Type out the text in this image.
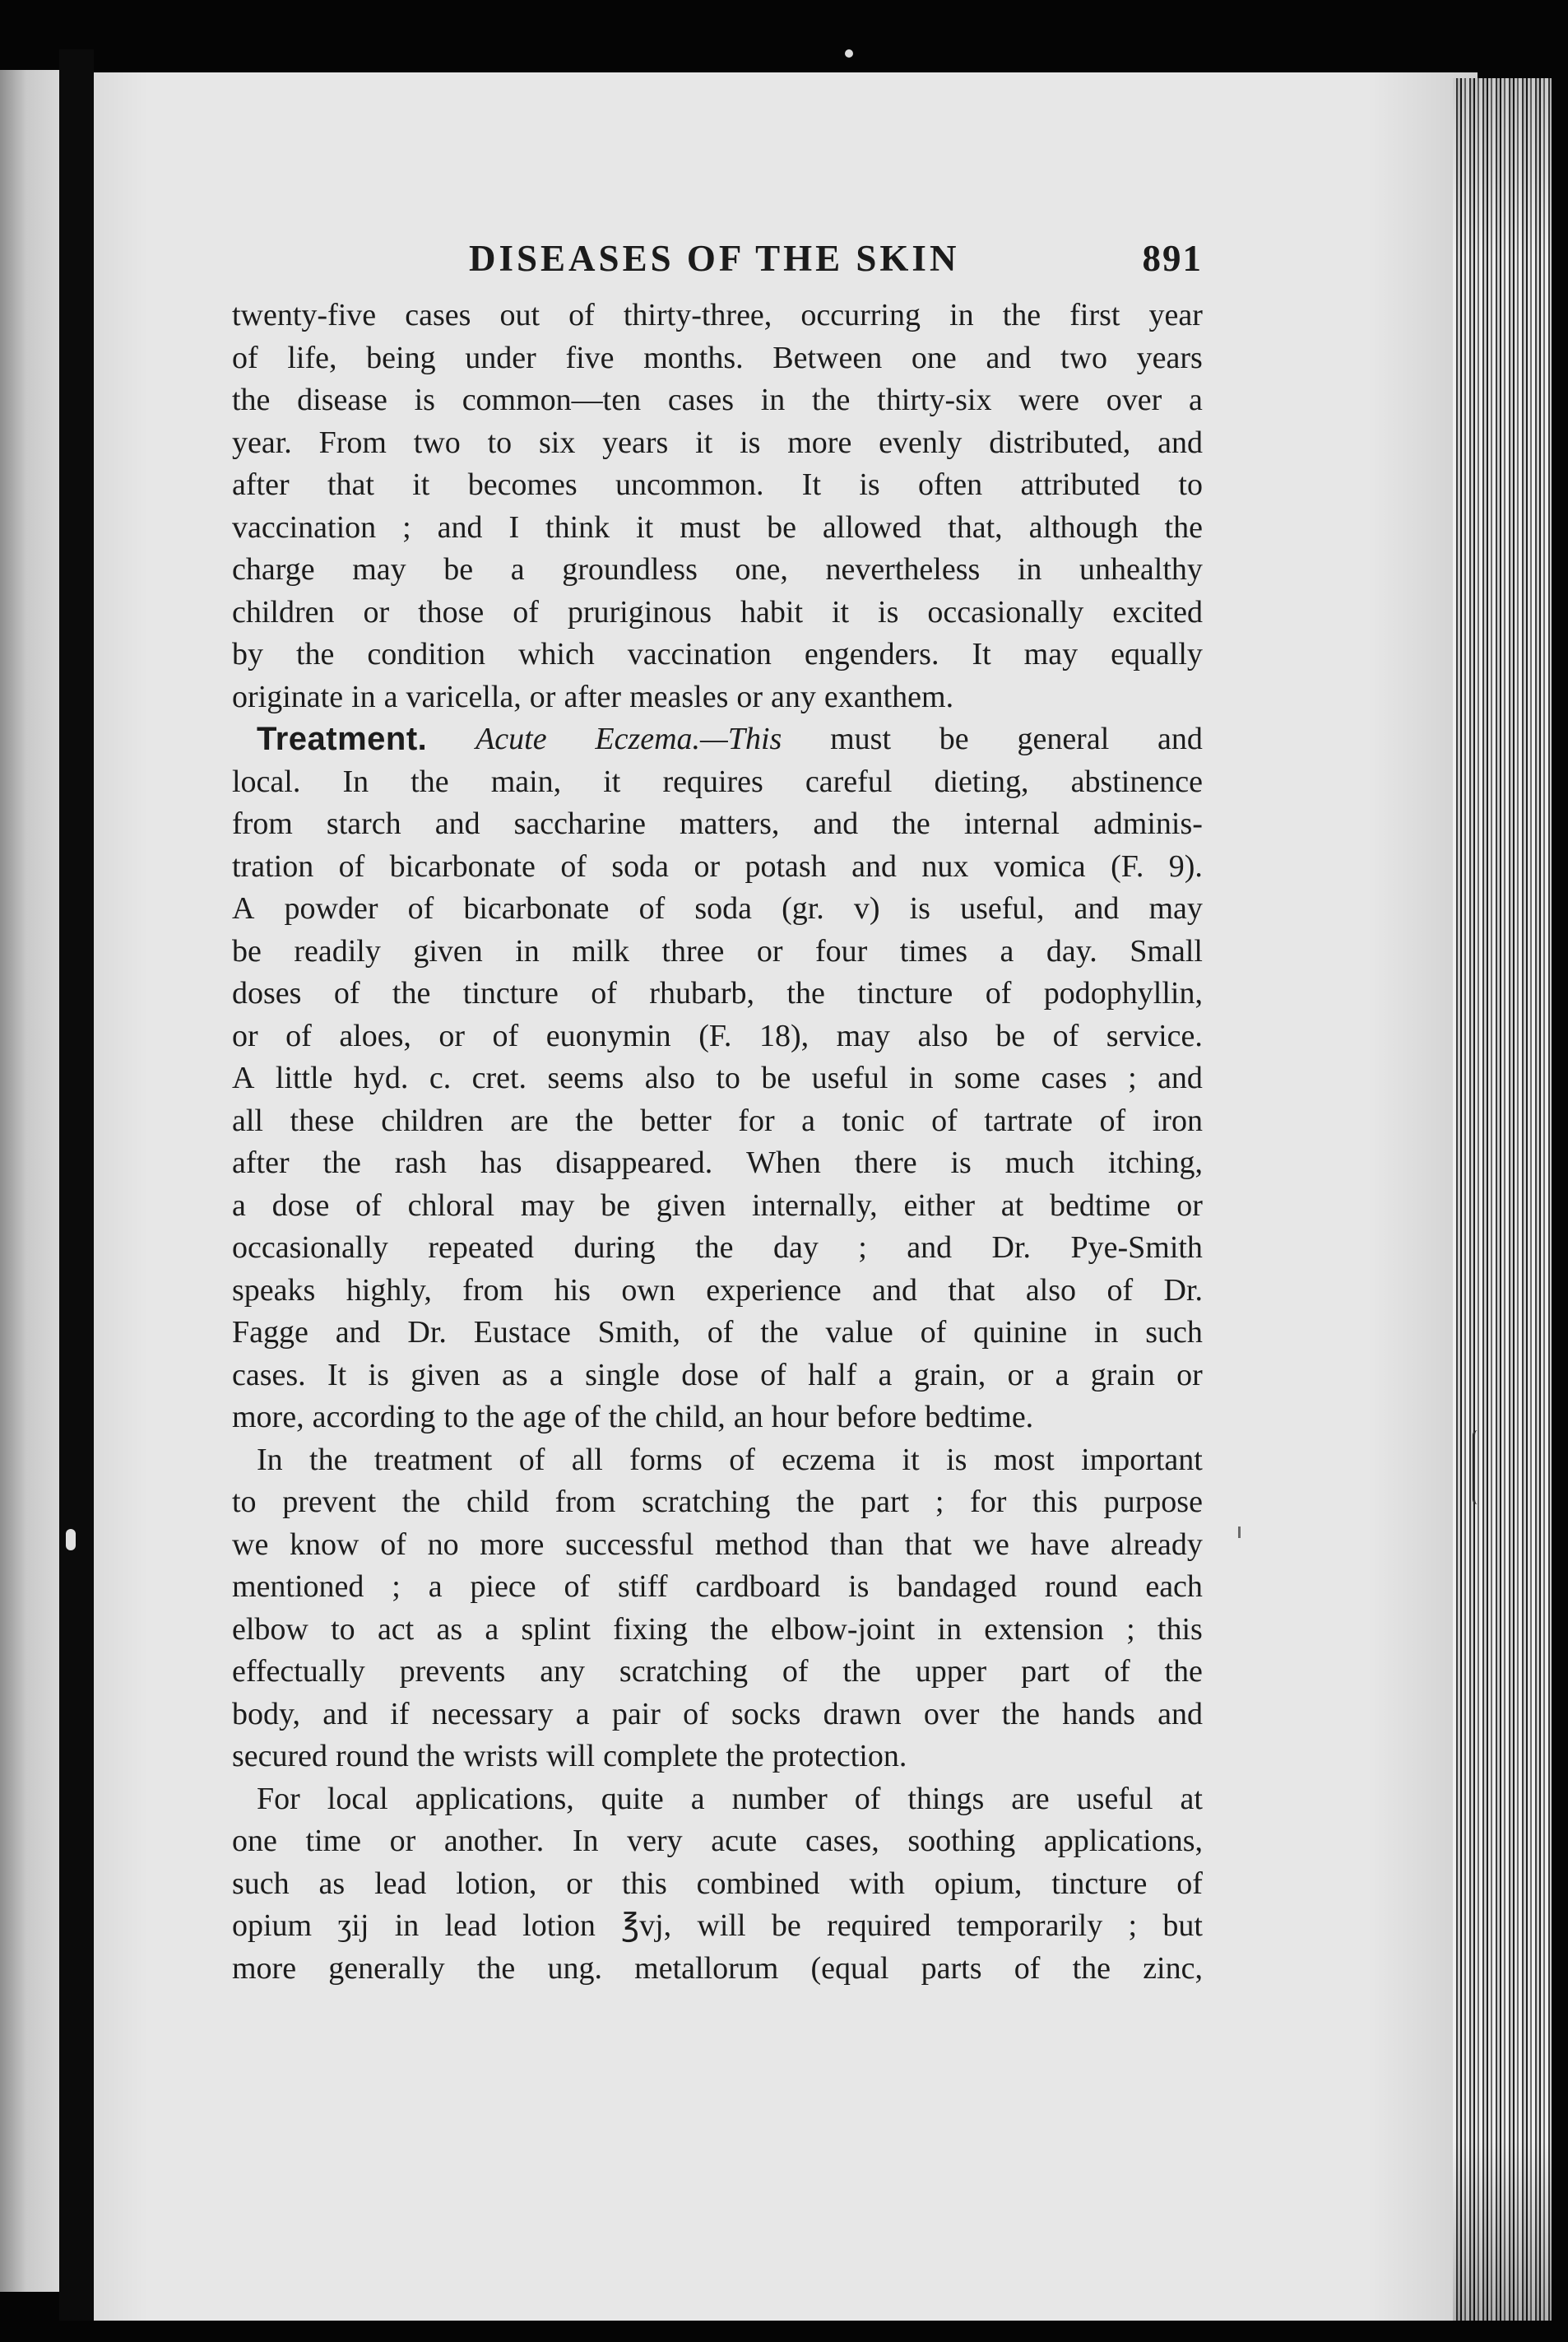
DISEASES OF THE SKIN	891
twenty-five cases out of thirty-three, occurring in the first year
of life, being under five months. Between one and two years
the disease is common—ten cases in the thirty-six were over a
year. From two to six years it is more evenly distributed, and
after that it becomes uncommon. It is often attributed to
vaccination ; and I think it must be allowed that, although the
charge may be a groundless one, nevertheless in unhealthy
children or those of pruriginous habit it is occasionally excited
by the condition which vaccination engenders. It may equally
originate in a varicella, or after measles or any exanthem.
Treatment. Acute Eczema.—This must be general and
local. In the main, it requires careful dieting, abstinence
from starch and saccharine matters, and the internal adminis-
tration of bicarbonate of soda or potash and nux vomica (F. 9).
A powder of bicarbonate of soda (gr. v) is useful, and may
be readily given in milk three or four times a day. Small
doses of the tincture of rhubarb, the tincture of podophyllin,
or of aloes, or of euonymin (F. 18), may also be of service.
A little hyd. c. cret. seems also to be useful in some cases ; and
all these children are the better for a tonic of tartrate of iron
after the rash has disappeared. When there is much itching,
a dose of chloral may be given internally, either at bedtime or
occasionally repeated during the day ; and Dr. Pye-Smith
speaks highly, from his own experience and that also of Dr.
Fagge and Dr. Eustace Smith, of the value of quinine in such
cases. It is given as a single dose of half a grain, or a grain or
more, according to the age of the child, an hour before bedtime.
In the treatment of all forms of eczema it is most important
to prevent the child from scratching the part ; for this purpose
we know of no more successful method than that we have already
mentioned ; a piece of stiff cardboard is bandaged round each
elbow to act as a splint fixing the elbow-joint in extension ; this
effectually prevents any scratching of the upper part of the
body, and if necessary a pair of socks drawn over the hands and
secured round the wrists will complete the protection.
For local applications, quite a number of things are useful at
one time or another. In very acute cases, soothing applications,
such as lead lotion, or this combined with opium, tincture of
opium ʒij in lead lotion ℥vj, will be required temporarily ; but
more generally the ung. metallorum (equal parts of the zinc,
